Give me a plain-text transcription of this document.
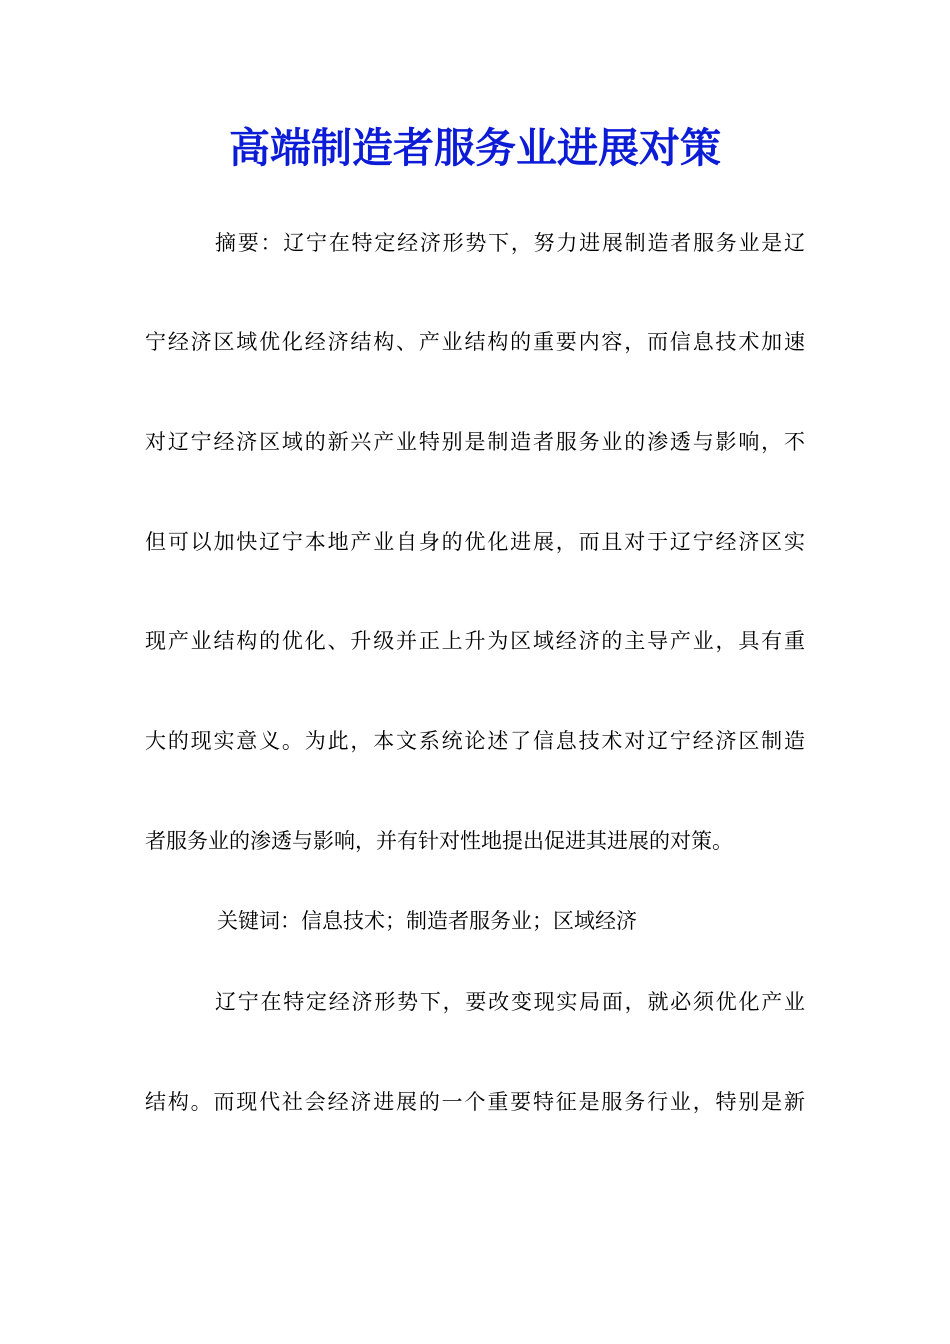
高端制造者服务业进展对策

摘要：辽宁在特定经济形势下，努力进展制造者服务业是辽

宁经济区域优化经济结构、产业结构的重要内容，而信息技术加速

对辽宁经济区域的新兴产业特别是制造者服务业的渗透与影响，不

但可以加快辽宁本地产业自身的优化进展，而且对于辽宁经济区实

现产业结构的优化、升级并正上升为区域经济的主导产业，具有重

大的现实意义。为此，本文系统论述了信息技术对辽宁经济区制造

者服务业的渗透与影响，并有针对性地提出促进其进展的对策。

关键词：信息技术；制造者服务业；区域经济

辽宁在特定经济形势下，要改变现实局面，就必须优化产业

结构。而现代社会经济进展的一个重要特征是服务行业，特别是新
